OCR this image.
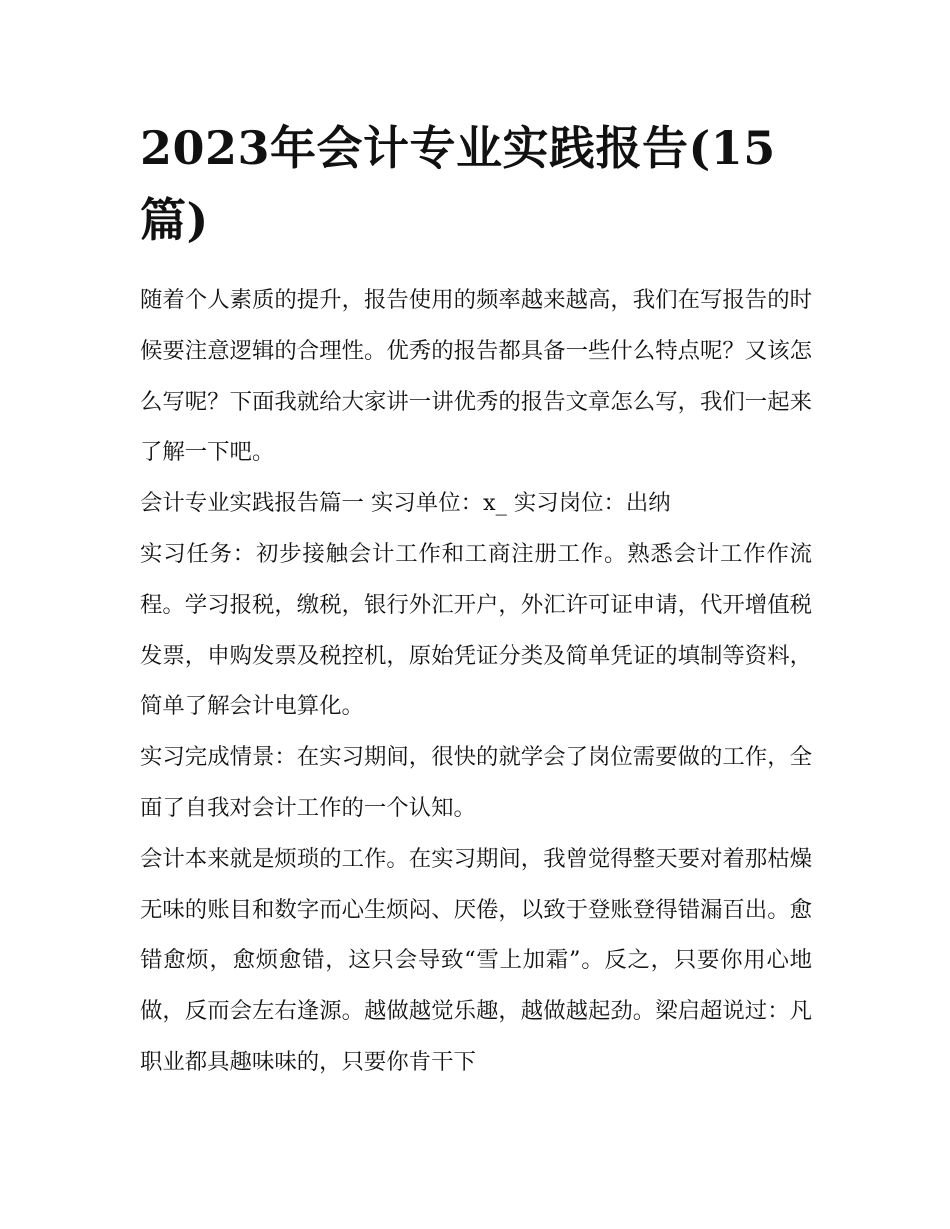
2023年会计专业实践报告(15篇)

随着个人素质的提升，报告使用的频率越来越高，我们在写报告的时候要注意逻辑的合理性。优秀的报告都具备一些什么特点呢？又该怎么写呢？下面我就给大家讲一讲优秀的报告文章怎么写，我们一起来了解一下吧。

会计专业实践报告篇一 实习单位：x_ 实习岗位：出纳

实习任务：初步接触会计工作和工商注册工作。熟悉会计工作作流程。学习报税，缴税，银行外汇开户，外汇许可证申请，代开增值税发票，申购发票及税控机，原始凭证分类及简单凭证的填制等资料，简单了解会计电算化。

实习完成情景：在实习期间，很快的就学会了岗位需要做的工作，全面了自我对会计工作的一个认知。

会计本来就是烦琐的工作。在实习期间，我曾觉得整天要对着那枯燥无味的账目和数字而心生烦闷、厌倦，以致于登账登得错漏百出。愈错愈烦，愈烦愈错，这只会导致“雪上加霜”。反之，只要你用心地做，反而会左右逢源。越做越觉乐趣，越做越起劲。梁启超说过：凡职业都具趣味味的，只要你肯干下
